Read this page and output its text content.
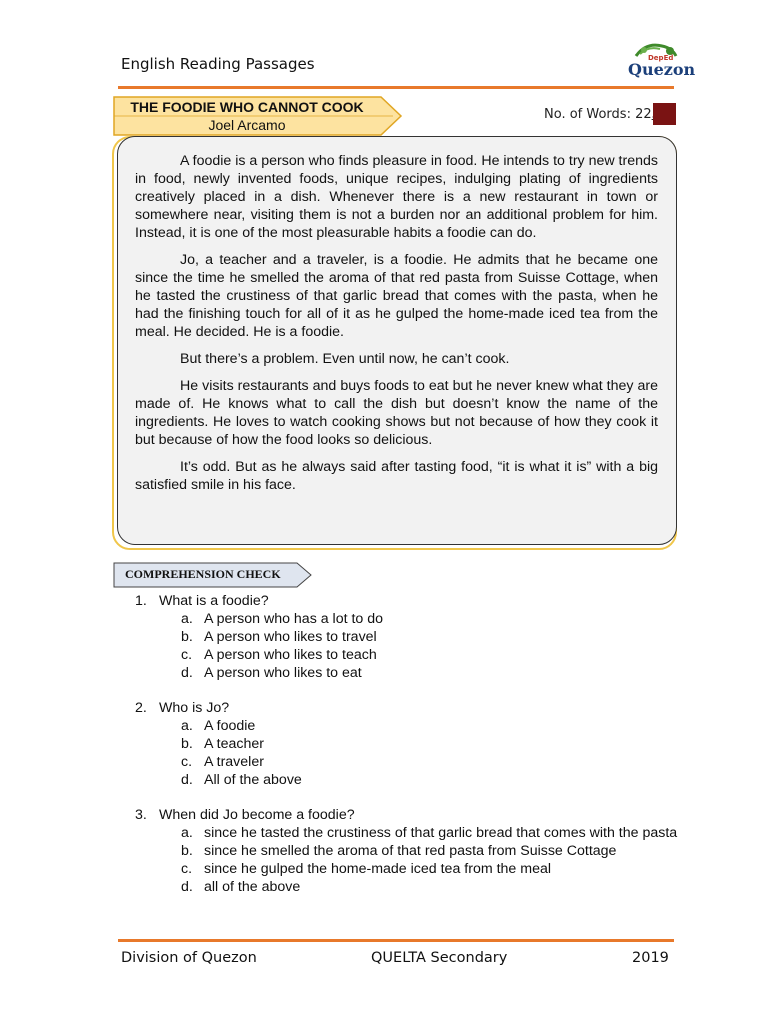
English Reading Passages	DepEd
Quezon
THE FOODIE WHO CANNOT COOK
Joel Arcamo
No. of Words: 22

A foodie is a person who finds pleasure in food. He intends to try new trends in food, newly invented foods, unique recipes, indulging plating of ingredients creatively placed in a dish. Whenever there is a new restaurant in town or somewhere near, visiting them is not a burden nor an additional problem for him. Instead, it is one of the most pleasurable habits a foodie can do.

Jo, a teacher and a traveler, is a foodie. He admits that he became one since the time he smelled the aroma of that red pasta from Suisse Cottage, when he tasted the crustiness of that garlic bread that comes with the pasta, when he had the finishing touch for all of it as he gulped the home-made iced tea from the meal. He decided. He is a foodie.

But there’s a problem. Even until now, he can’t cook.

He visits restaurants and buys foods to eat but he never knew what they are made of. He knows what to call the dish but doesn’t know the name of the ingredients. He loves to watch cooking shows but not because of how they cook it but because of how the food looks so delicious.

It’s odd. But as he always said after tasting food, “it is what it is” with a big satisfied smile in his face.

COMPREHENSION CHECK
1. What is a foodie?
a. A person who has a lot to do
b. A person who likes to travel
c. A person who likes to teach
d. A person who likes to eat
2. Who is Jo?
a. A foodie
b. A teacher
c. A traveler
d. All of the above
3. When did Jo become a foodie?
a. since he tasted the crustiness of that garlic bread that comes with the pasta
b. since he smelled the aroma of that red pasta from Suisse Cottage
c. since he gulped the home-made iced tea from the meal
d. all of the above
Division of Quezon	QUELTA Secondary	2019
